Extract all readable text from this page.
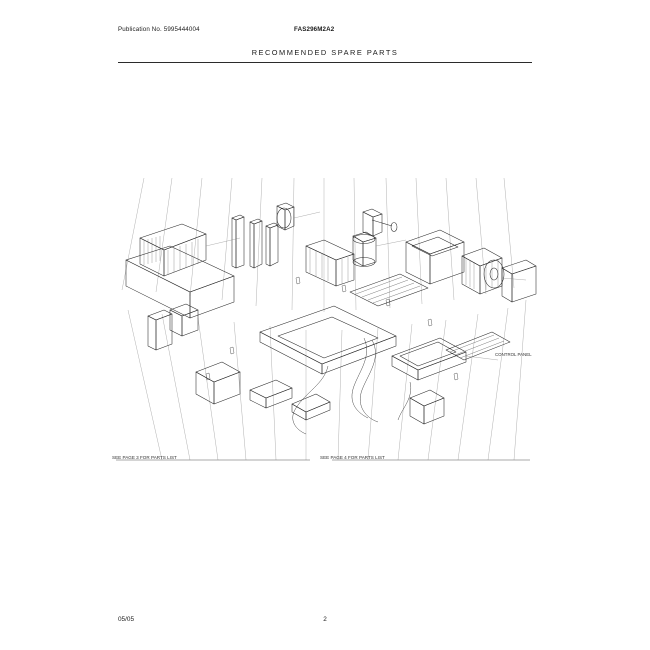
Publication No. 5995444004	FAS296M2A2
RECOMMENDED SPARE PARTS
SEE PAGE 3 FOR PARTS LIST	SEE PAGE 4 FOR PARTS LIST
CONTROL PANEL
05/05	2
